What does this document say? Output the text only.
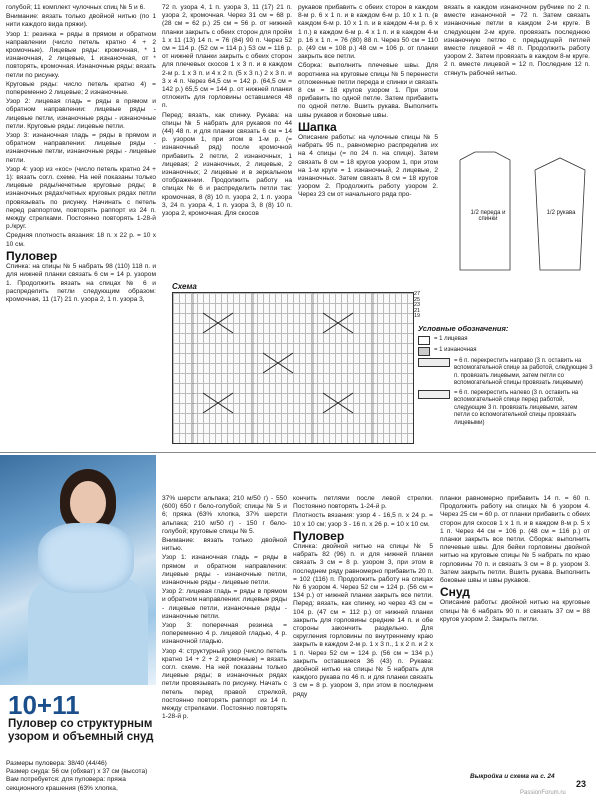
голубой; 11 комплект чулочных спиц № 5 и 6.

Внимание: вязать только двойной нитью (по 1 нити каждого вида пряжи).

Узор 1: резинка = ряды в прямом и обратном направлении (число петель кратно 4 + 2 кромочные). Лицевые ряды: кромочная, * 1 изнаночная, 2 лицевые, 1 изнаночная, от * повторять, кромочная. Изнаночные ряды: вязать петли по рисунку.

Круговые ряды: число петель кратно 4) = попеременно 2 лицевые; 2 изнаночные.

Узор 2: лицевая гладь = ряды в прямом и обратном направлении: лицевые ряды - лицевые петли, изнаночные ряды - изнаночные петли. Круговые ряды: лицевые петли.

Узор 3: изнаночная гладь = ряды в прямом и обратном направлении: лицевые ряды - изнаночные петли, изнаночные ряды - лицевые петли.

Узор 4: узор из «кос» (число петель кратно 24 + 1): вязать согл. схеме. На ней показаны только лицевые ряды/нечетные круговые ряды; в изнаночных рядах/четных круговых рядах петли провязывать по рисунку. Начинать с петель перед раппортом, повторять раппорт из 24 п. между стрелками. Постоянно повторять 1-28-й р./круг.

Средняя плотность вязания: 18 п. х 22 р. = 10 х 10 см.

Пуловер

Спинка: на спицы № 5 набрать 98 (110) 118 п. и для нижней планки связать 6 см = 14 р. узором 1. Продолжить вязать на спицах № 6 и распределить петли следующим образом: кромочная, 11 (17) 21 п. узора 2, 1 п. узора 3,

72 п. узора 4, 1 п. узора 3, 11 (17) 21 п. узора 2, кромочная. Через 31 см = 68 р. (28 см = 62 р.) 25 см = 56 р. от нижней планки закрыть с обеих сторон для пройм 1 х 11 (13) 14 п. = 76 (84) 90 п. Через 52 см = 114 р. (52 см = 114 р.) 53 см = 116 р. от нижней планки закрыть с обеих сторон для плечевых скосов 1 х 3 п. и в каждом 2-м р. 1 х 3 п. и 4 х 2 п. (5 х 3 п.) 2 х 3 п. и 3 х 4 п. Через 64,5 см = 142 р. (64,5 см = 142 р.) 65,5 см = 144 р. от нижней планки отложить для горловины оставшиеся 48 п.

Перед: вязать, как спинку. Рукава: на спицы № 5 набрать для рукавов по 44 (44) 48 п. и для планки связать 6 см = 14 р. узором 1, при этом в 1-м р. (= изнаночный ряд) после кромочной прибавить 2 петли, 2 изнаночных, 1 лицевая; 2 изнаночных, 2 лицевые, 2 изнаночных; 2 лицевые и в зеркальном отображении. Продолжить работу на спицах № 6 и распределить петли так: кромочная, 8 (8) 10 п. узора 2, 1 п. узора 3, 24 п. узора 4, 1 п. узора 3, 8 (8) 10 п. узора 2, кромочная. Для скосов

рукавов прибавить с обеих сторон в каждом 8-м р. 6 х 1 п. и в каждом 6-м р. 10 х 1 п. (в каждом 6-м р. 10 х 1 п. и в каждом 4-м р. 6 х 1 п.) в каждом 6-м р. 4 х 1 п. и в каждом 4-м р. 16 х 1 п. = 76 (80) 88 п. Через 50 см = 110 р. (49 см = 108 р.) 48 см = 106 р. от планки закрыть все петли.

Сборка: выполнить плечевые швы. Для воротника на круговые спицы № 5 перенести отложенные петли переда и спинки и связать 8 см = 18 кругов узором 1. При этом прибавить по одной петле. Затем прибавить по одной петле. Вшить рукава. Выполнить швы рукавов и боковые швы.

Шапка

Описание работы: на чулочные спицы № 5 набрать 95 п., равномерно распределив их на 4 спицы (= по 24 п. на спице). Затем связать 8 см = 18 кругов узором 1, при этом на 1-м круге = 1 изнаночный, 2 лицевые, 2 изнаночных. Затем связать 8 см = 18 кругов узором 2. Продолжить работу узором 2. Через 23 см от начального ряда про-

вязать в каждом изнаночном рубчике по 2 п. вместе изнаночной = 72 п. Затем связать изнаночные петли в каждом 2-м круге. В следующем 2-м круге. провязать последнюю изнаночную петлю с предыдущей петлей вместе лицевой = 48 п. Продолжить работу узором 2. Затем провязать в каждом 8-м круге. 2 п. вместе лицевой = 12 п. Последние 12 п. стянуть рабочей нитью.

1/2 переда и спинки
1/2 рукава
Схема
27
25
23
21
19
Условные обозначения:
= 1 лицевая
= 1 изнаночная
= 6 п. перекрестить направо (3 п. оставить на вспомогательной спице за работой, следующие 3 п. провязать лицевыми, затем петли со вспомогательной спицы провязать лицевыми)
= 6 п. перекрестить налево (3 п. оставить на вспомогательной спице перед работой, следующие 3 п. провязать лицевыми, затем петли со вспомогательной спицы провязать лицевыми)
10+11
Пуловер со структурным узором и объемный снуд
Размеры пуловера: 38/40 (44/46)
Размер снуда: 56 см (обхват) х 37 см (высота)
Вам потребуется: для пуловера: пряжа секционного крашения (63% хлопка,

37% шерсти альпака; 210 м/50 г) - 550 (600) 650 г бело-голубой; спицы № 5 и 6; пряжа (63% хлопка, 37% шерсти альпака; 210 м/50 г) - 150 г бело-голубой; круговые спицы № 5.

Внимание: вязать только двойной нитью.

Узор 1: изнаночная гладь = ряды в прямом и обратном направлении: лицевые ряды - изнаночные петли, изнаночные ряды - лицевые петли.

Узор 2: лицевая гладь = ряды в прямом и обратном направлении: лицевые ряды - лицевые петли, изнаночные ряды - изнаночные петли.

Узор 3: поперечная резинка = попеременно 4 р. лицевой гладью, 4 р. изнаночной гладью.

Узор 4: структурный узор (число петель кратно 14 + 2 + 2 кромочные) = вязать согл. схеме. На ней показаны только лицевые ряды; в изнаночных рядах петли провязывать по рисунку. Начать с петель перед правой стрелкой, постоянно повторять раппорт из 14 п. между стрелками. Постоянно повторять 1-28-й р.

кончить петлями после левой стрелки. Постоянно повторять 1-24-й р.

Плотность вязания: узор 4 - 16,5 п. х 24 р. = 10 х 10 см; узор 3 - 16 п. х 26 р. = 10 х 10 см.

Пуловер

Спинка: двойной нитью на спицы № 5 набрать 82 (96) п. и для нижней планки связать 3 см = 8 р. узором 3, при этом в последнем ряду равномерно прибавить 20 п. = 102 (116) п. Продолжить работу на спицах № 6 узором 4. Через 52 см = 124 р. (56 см = 134 р.) от нижней планки закрыть все петли. Перед: вязать, как спинку, но через 43 см = 104 р. (47 см = 112 р.) от нижней планки закрыть для горловины средние 14 п. и обе стороны закончить раздельно. Для скругления горловины по внутреннему краю закрыть в каждом 2-м р. 1 х 3 п., 1 х 2 п. и 2 х 1 п. Через 52 см = 124 р. (56 см = 134 р.) закрыть оставшиеся 36 (43) п. Рукава: двойной нитью на спицы № 5 набрать для каждого рукава по 46 п. и для планки связать 3 см = 8 р. узором 3, при этом в последнем ряду

планки равномерно прибавить 14 п. = 60 п. Продолжить работу на спицах № 6 узором 4. Через 25 см = 60 р. от планки прибавить с обеих сторон для скосов 1 х 1 п. и в каждом 8-м р. 5 х 1 п. Через 44 см = 106 р. (48 см = 116 р.) от планки закрыть все петли. Сборка: выполнить плечевые швы. Для бейки горловины двойной нитью на круговые спицы № 5 набрать по краю горловины 70 п. и связать 3 см = 8 р. узором 3. Затем закрыть петли. Вшить рукава. Выполнить боковые швы и швы рукавов.

Снуд

Описание работы: двойной нитью на круговые спицы № 6 набрать 90 п. и связать 37 см = 88 кругов узором 2. Закрыть петли.

Выкройка и схема на с. 24
23
PassionForum.ru
